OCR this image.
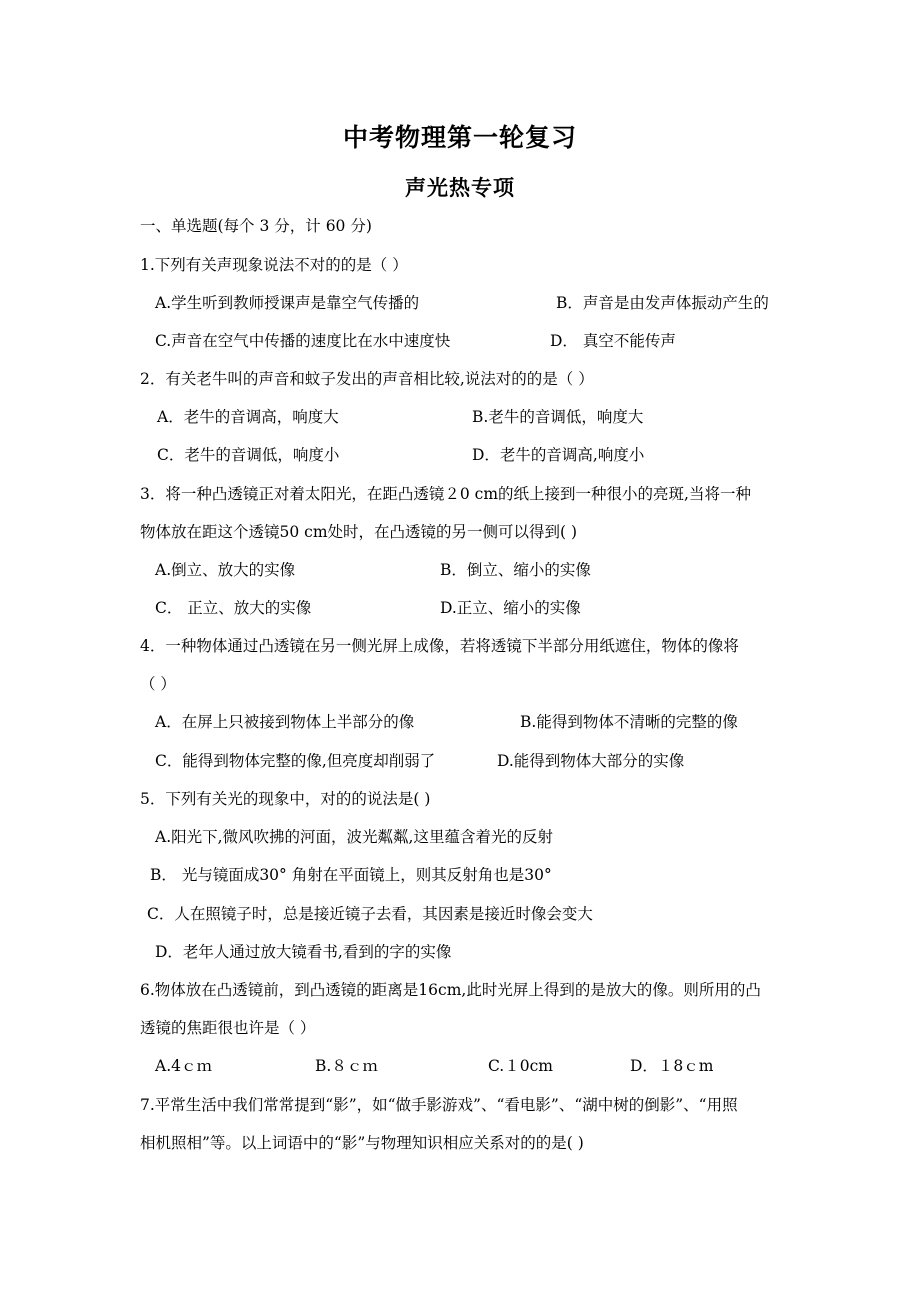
中考物理第一轮复习
声光热专项
一、单选题(每个 3 分，计 60 分)
1.下列有关声现象说法不对的的是（ ）
A.学生听到教师授课声是靠空气传播的	B．声音是由发声体振动产生的
C.声音在空气中传播的速度比在水中速度快	D． 真空不能传声
2．有关老牛叫的声音和蚊子发出的声音相比较,说法对的的是（ ）
A．老牛的音调高，响度大	B.老牛的音调低，响度大
C．老牛的音调低，响度小	D．老牛的音调高,响度小
3．将一种凸透镜正对着太阳光，在距凸透镜２0 cm的纸上接到一种很小的亮斑,当将一种
物体放在距这个透镜50 cm处时，在凸透镜的另一侧可以得到( )
A.倒立、放大的实像	B．倒立、缩小的实像
C． 正立、放大的实像	D.正立、缩小的实像
4．一种物体通过凸透镜在另一侧光屏上成像，若将透镜下半部分用纸遮住，物体的像将
（ ）
A．在屏上只被接到物体上半部分的像	B.能得到物体不清晰的完整的像
C．能得到物体完整的像,但亮度却削弱了	D.能得到物体大部分的实像
5．下列有关光的现象中，对的的说法是( )
A.阳光下,微风吹拂的河面，波光粼粼,这里蕴含着光的反射
B． 光与镜面成30° 角射在平面镜上，则其反射角也是30°
C．人在照镜子时，总是接近镜子去看，其因素是接近时像会变大
D．老年人通过放大镜看书,看到的字的实像
6.物体放在凸透镜前，到凸透镜的距离是16cm,此时光屏上得到的是放大的像。则所用的凸
透镜的焦距很也许是（ ）
A.4ｃｍ	B.８ｃｍ	C.１0cm	D．１8ｃm
7.平常生活中我们常常提到“影”，如“做手影游戏”、“看电影”、“湖中树的倒影”、“用照
相机照相”等。以上词语中的“影”与物理知识相应关系对的的是( )
